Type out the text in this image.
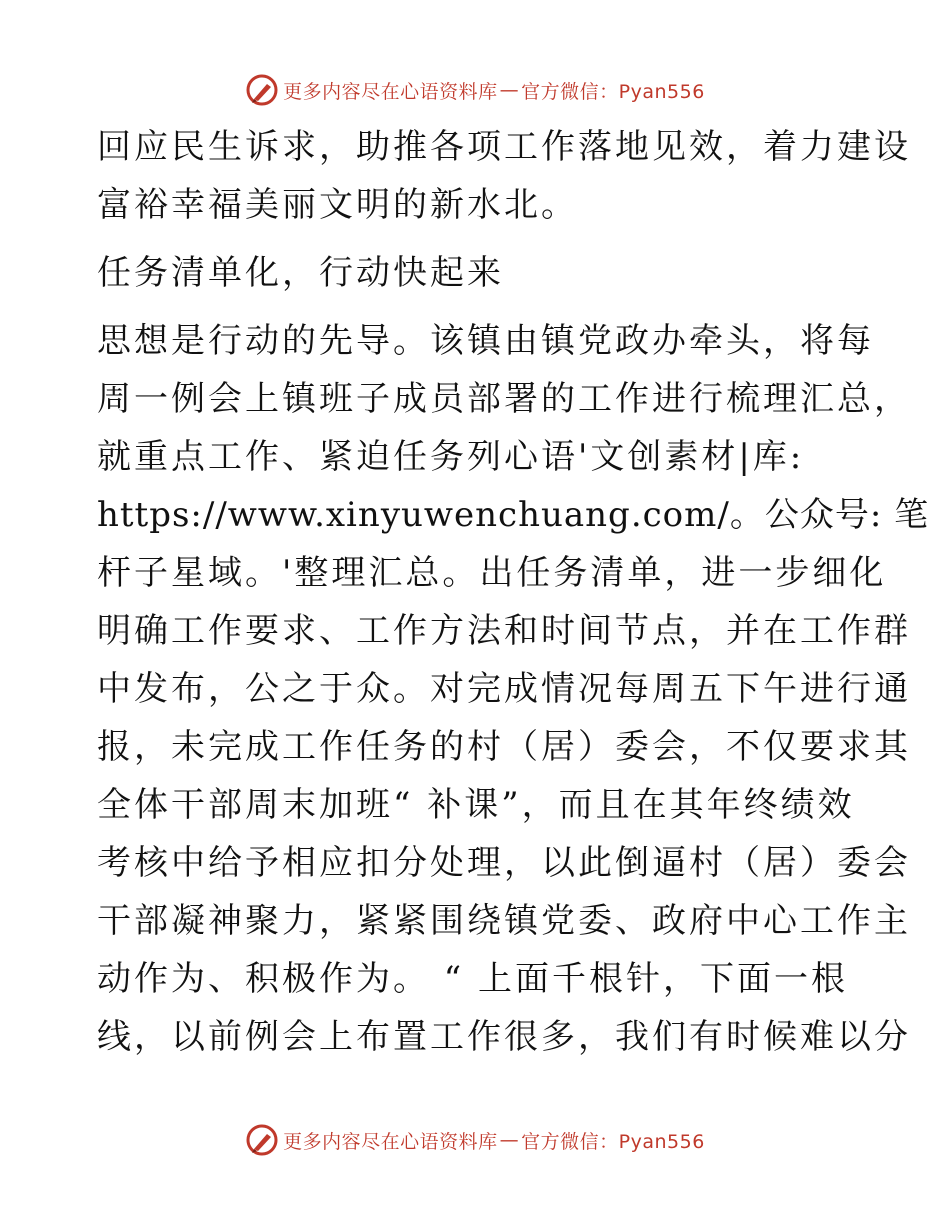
更多内容尽在心语资料库 — 官方微信：Pyan556
回应民生诉求，助推各项工作落地见效，着力建设
富裕幸福美丽文明的新水北。
任务清单化，行动快起来
思想是行动的先导。该镇由镇党政办牵头，将每
周一例会上镇班子成员部署的工作进行梳理汇总，
就重点工作、紧迫任务列心语'文创素材|库:
https://www.xinyuwenchuang.com/。公众号: 笔
杆子星域。'整理汇总。出任务清单，进一步细化
明确工作要求、工作方法和时间节点，并在工作群
中发布，公之于众。对完成情况每周五下午进行通
报，未完成工作任务的村（居）委会，不仅要求其
全体干部周末加班“ 补课”，而且在其年终绩效
考核中给予相应扣分处理，以此倒逼村（居）委会
干部凝神聚力，紧紧围绕镇党委、政府中心工作主
动作为、积极作为。 “ 上面千根针，下面一根
线，以前例会上布置工作很多，我们有时候难以分
更多内容尽在心语资料库 — 官方微信：Pyan556
